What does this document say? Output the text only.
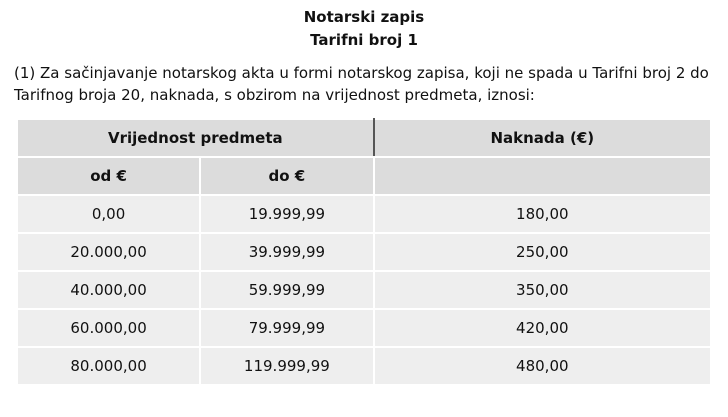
Notarski zapis
Tarifni broj 1
(1) Za sačinjavanje notarskog akta u formi notarskog zapisa, koji ne spada u Tarifni broj 2 do Tarifnog broja 20, naknada, s obzirom na vrijednost predmeta, iznosi:
Vrijednost predmeta		Naknada (€)
od €	do €	
0,00	19.999,99	180,00
20.000,00	39.999,99	250,00
40.000,00	59.999,99	350,00
60.000,00	79.999,99	420,00
80.000,00	119.999,99	480,00
